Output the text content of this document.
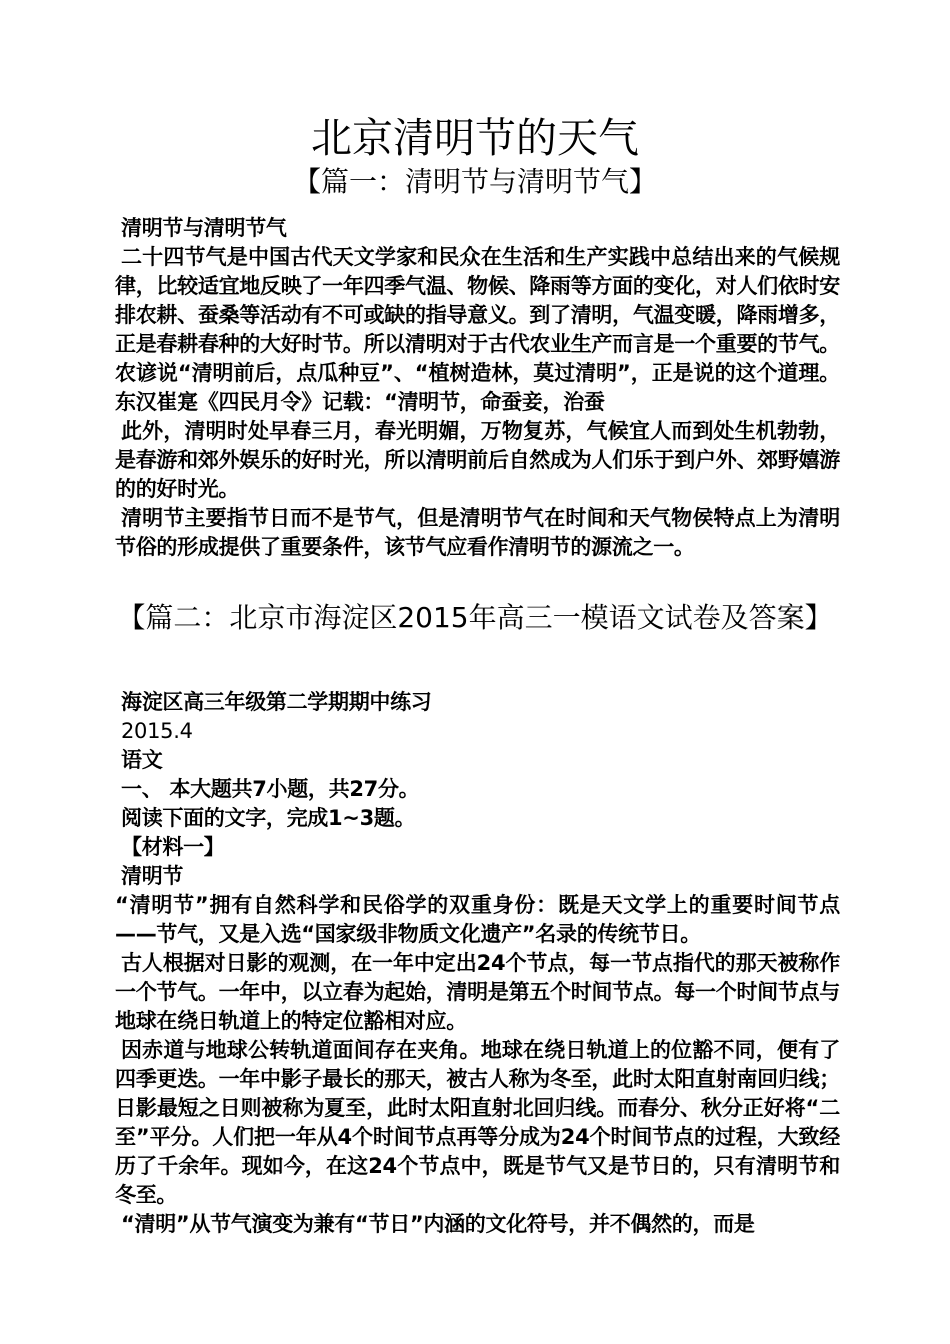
北京清明节的天气
【篇一：清明节与清明节气】

清明节与清明节气

二十四节气是中国古代天文学家和民众在生活和生产实践中总结出来的气候规律，比较适宜地反映了一年四季气温、物候、降雨等方面的变化，对人们依时安排农耕、蚕桑等活动有不可或缺的指导意义。到了清明，气温变暖，降雨增多，正是春耕春种的大好时节。所以清明对于古代农业生产而言是一个重要的节气。农谚说“清明前后，点瓜种豆”、“植树造林，莫过清明”，正是说的这个道理。东汉崔寔《四民月令》记载：“清明节，命蚕妾，治蚕

此外，清明时处早春三月，春光明媚，万物复苏，气候宜人而到处生机勃勃，是春游和郊外娱乐的好时光，所以清明前后自然成为人们乐于到户外、郊野嬉游的的好时光。

清明节主要指节日而不是节气，但是清明节气在时间和天气物侯特点上为清明节俗的形成提供了重要条件，该节气应看作清明节的源流之一。

【篇二：北京市海淀区2015年高三一模语文试卷及答案】

海淀区高三年级第二学期期中练习

2015.4

语文

一、 本大题共7小题，共27分。

阅读下面的文字，完成1~3题。

【材料一】

清明节

“清明节”拥有自然科学和民俗学的双重身份：既是天文学上的重要时间节点——节气，又是入选“国家级非物质文化遗产”名录的传统节日。

古人根据对日影的观测，在一年中定出24个节点，每一节点指代的那天被称作一个节气。一年中，以立春为起始，清明是第五个时间节点。每一个时间节点与地球在绕日轨道上的特定位豁相对应。

因赤道与地球公转轨道面间存在夹角。地球在绕日轨道上的位豁不同，便有了四季更迭。一年中影子最长的那天，被古人称为冬至，此时太阳直射南回归线；日影最短之日则被称为夏至，此时太阳直射北回归线。而春分、秋分正好将“二至”平分。人们把一年从4个时间节点再等分成为24个时间节点的过程，大致经历了千余年。现如今，在这24个节点中，既是节气又是节日的，只有清明节和冬至。

“清明”从节气演变为兼有“节日”内涵的文化符号，并不偶然的，而是
